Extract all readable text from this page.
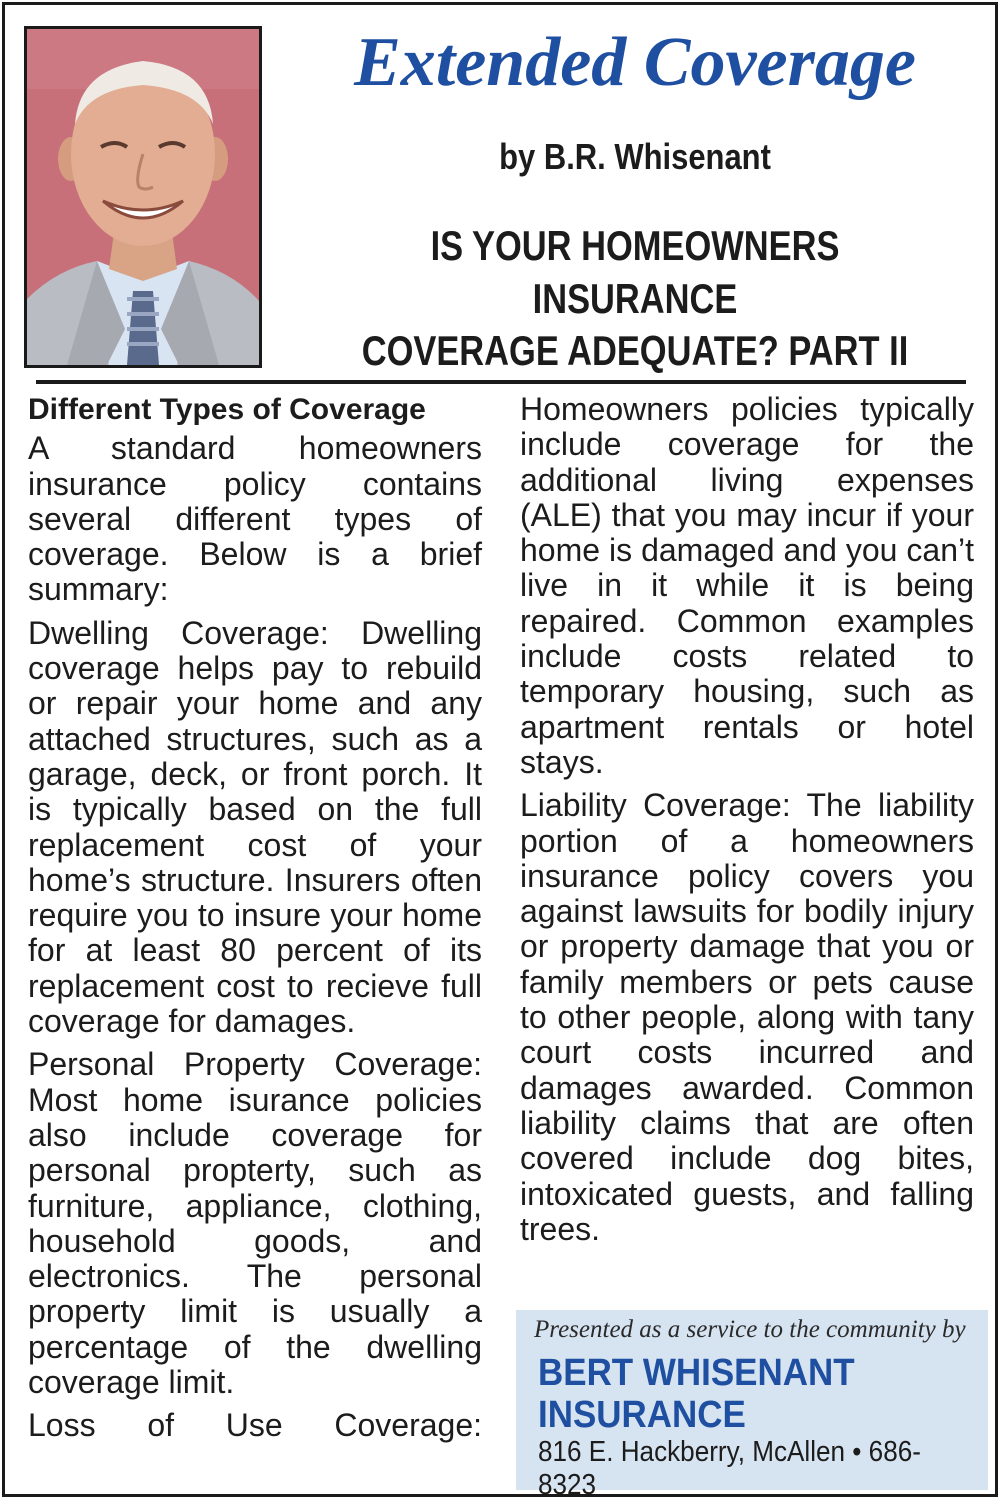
Extended Coverage
by B.R. Whisenant
IS YOUR HOMEOWNERS INSURANCE
COVERAGE ADEQUATE? PART II

Different Types of Coverage

A standard homeowners insurance policy contains several different types of coverage. Below is a brief summary:

Dwelling Coverage: Dwelling coverage helps pay to rebuild or repair your home and any attached structures, such as a garage, deck, or front porch. It is typically based on the full replacement cost of your home’s structure. Insurers often require you to insure your home for at least 80 percent of its replacement cost to recieve full coverage for damages.

Personal Property Coverage: Most home isurance policies also include coverage for personal propterty, such as furniture, appliance, clothing, household goods, and electronics. The personal property limit is usually a percentage of the dwelling coverage limit.

Loss of Use Coverage:

Homeowners policies typically include coverage for the additional living expenses (ALE) that you may incur if your home is damaged and you can’t live in it while it is being repaired. Common examples include costs related to temporary housing, such as apartment rentals or hotel stays.

Liability Coverage: The liability portion of a homeowners insurance policy covers you against lawsuits for bodily injury or property damage that you or family members or pets cause to other people, along with tany court costs incurred and damages awarded. Common liability claims that are often covered include dog bites, intoxicated guests, and falling trees.

Presented as a service to the community by
BERT WHISENANT
INSURANCE
816 E. Hackberry, McAllen • 686-8323
